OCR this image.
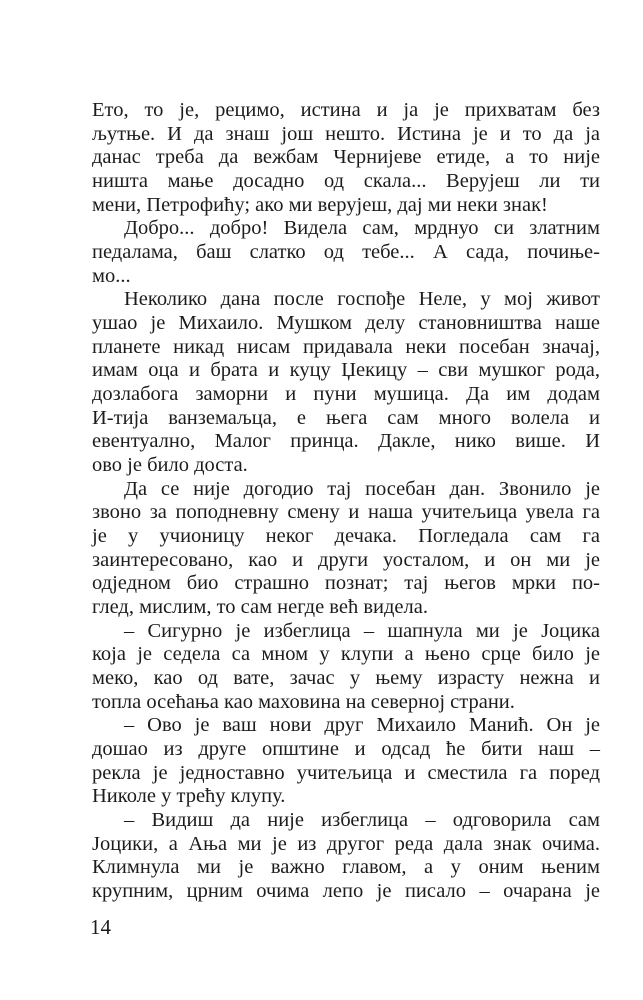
Ето, то је, рецимо, истина и ја је прихватам без
љутње. И да знаш још нешто. Истина је и то да ја
данас треба да вежбам Чернијеве етиде, а то није
ништа мање досадно од скала... Верујеш ли ти
мени, Петрофићу; ако ми верујеш, дај ми неки знак!
Добро... добро! Видела сам, мрднуо си златним
педалама, баш слатко од тебе... А сада, почиње-
мо...
Неколико дана после госпође Неле, у мој живот
ушао је Михаило. Мушком делу становништва наше
планете никад нисам придавала неки посебан значај,
имам оца и брата и куцу Џекицу – сви мушког рода,
дозлабога заморни и пуни мушица. Да им додам
И-тија ванземаљца, е њега сам много волела и
евентуално, Малог принца. Дакле, нико више. И
ово је било доста.
Да се није догодио тај посебан дан. Звонило је
звоно за поподневну смену и наша учитељица увела га
је у учионицу неког дечака. Погледала сам га
заинтересовано, као и други уосталом, и он ми је
одједном био страшно познат; тај његов мрки по-
глед, мислим, то сам негде већ видела.
– Сигурно је избеглица – шапнула ми је Јоцика
која је седела са мном у клупи а њено срце било је
меко, као од вате, зачас у њему израсту нежна и
топла осећања као маховина на северној страни.
– Ово је ваш нови друг Михаило Манић. Он је
дошао из друге општине и одсад ће бити наш –
рекла је једноставно учитељица и сместила га поред
Николе у трећу клупу.
– Видиш да није избеглица – одговорила сам
Јоцики, а Ања ми је из другог реда дала знак очима.
Климнула ми је важно главом, а у оним њеним
крупним, црним очима лепо је писало – очарана је
14
